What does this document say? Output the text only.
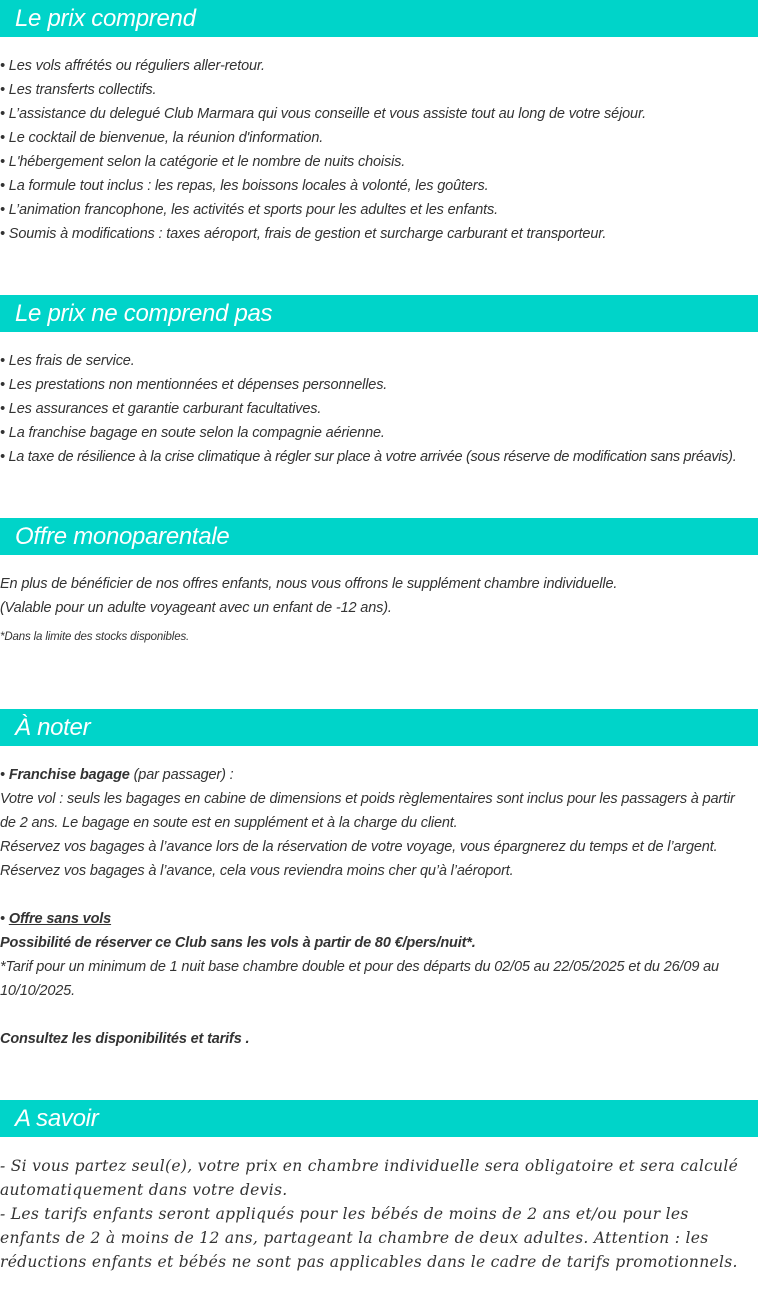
Le prix comprend

• Les vols affrétés ou réguliers aller-retour.

• Les transferts collectifs.

• L’assistance du delegué Club Marmara qui vous conseille et vous assiste tout au long de votre séjour.

• Le cocktail de bienvenue, la réunion d'information.

• L'hébergement selon la catégorie et le nombre de nuits choisis.

• La formule tout inclus : les repas, les boissons locales à volonté, les goûters.

• L’animation francophone, les activités et sports pour les adultes et les enfants.

• Soumis à modifications : taxes aéroport, frais de gestion et surcharge carburant et transporteur.

Le prix ne comprend pas

• Les frais de service.

• Les prestations non mentionnées et dépenses personnelles.

• Les assurances et garantie carburant facultatives.

• La franchise bagage en soute selon la compagnie aérienne.

• La taxe de résilience à la crise climatique à régler sur place à votre arrivée (sous réserve de modification sans préavis).

Offre monoparentale

En plus de bénéficier de nos offres enfants, nous vous offrons le supplément chambre individuelle.

(Valable pour un adulte voyageant avec un enfant de -12 ans).

*Dans la limite des stocks disponibles.

À noter

• Franchise bagage (par passager) :

Votre vol : seuls les bagages en cabine de dimensions et poids règlementaires sont inclus pour les passagers à partir de 2 ans. Le bagage en soute est en supplément et à la charge du client.

Réservez vos bagages à l’avance lors de la réservation de votre voyage, vous épargnerez du temps et de l’argent.

Réservez vos bagages à l’avance, cela vous reviendra moins cher qu’à l’aéroport.

• Offre sans vols

Possibilité de réserver ce Club sans les vols à partir de 80 €/pers/nuit*.

*Tarif pour un minimum de 1 nuit base chambre double et pour des départs du 02/05 au 22/05/2025 et du 26/09 au 10/10/2025.

Consultez les disponibilités et tarifs .

A savoir

- Si vous partez seul(e), votre prix en chambre individuelle sera obligatoire et sera calculé automatiquement dans votre devis.

- Les tarifs enfants seront appliqués pour les bébés de moins de 2 ans et/ou pour les enfants de 2 à moins de 12 ans, partageant la chambre de deux adultes. Attention : les réductions enfants et bébés ne sont pas applicables dans le cadre de tarifs promotionnels.
